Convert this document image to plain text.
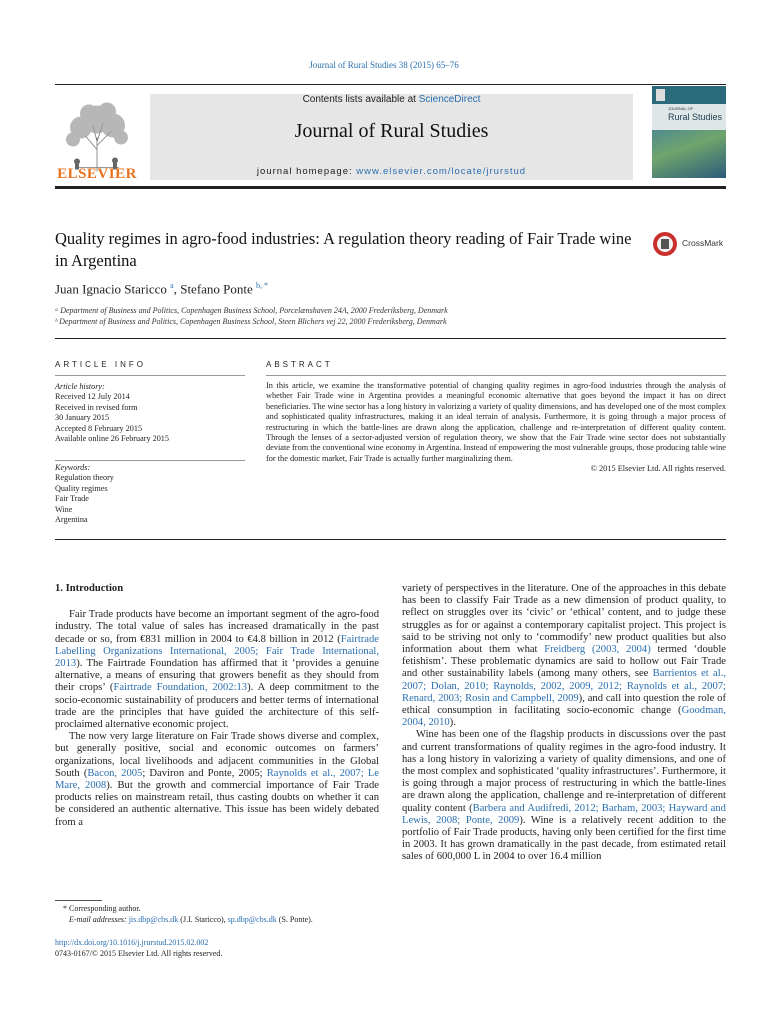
Journal of Rural Studies 38 (2015) 65–76
ELSEVIER
Contents lists available at ScienceDirect
Journal of Rural Studies
journal homepage: www.elsevier.com/locate/jrurstud
JOURNAL OF
Rural Studies
Quality regimes in agro-food industries: A regulation theory reading of Fair Trade wine in Argentina
CrossMark
Juan Ignacio Staricco $^a$, Stefano Ponte $^{b, *}$
ᵃ Department of Business and Politics, Copenhagen Business School, Porcelænshaven 24A, 2000 Frederiksberg, Denmark
ᵇ Department of Business and Politics, Copenhagen Business School, Steen Blichers vej 22, 2000 Frederiksberg, Denmark
ARTICLE INFO	ABSTRACT
Article history:
Received 12 July 2014
Received in revised form
30 January 2015
Accepted 8 February 2015
Available online 26 February 2015
Keywords:
Regulation theory
Quality regimes
Fair Trade
Wine
Argentina
In this article, we examine the transformative potential of changing quality regimes in agro-food industries through the analysis of whether Fair Trade wine in Argentina provides a meaningful economic alternative that goes beyond the impact it has on direct beneficiaries. The wine sector has a long history in valorizing a variety of quality dimensions, and has developed one of the most complex and sophisticated quality infrastructures, making it an ideal terrain of analysis. Furthermore, it is going through a major process of restructuring in which the battle-lines are drawn along the application, challenge and re-interpretation of different quality content. Through the lenses of a sector-adjusted version of regulation theory, we show that the Fair Trade wine sector does not substantially deviate from the conventional wine economy in Argentina. Instead of empowering the most vulnerable groups, those producing table wine for the domestic market, Fair Trade is actually further marginalizing them.
© 2015 Elsevier Ltd. All rights reserved.
1. Introduction

Fair Trade products have become an important segment of the agro-food industry. The total value of sales has increased dramatically in the past decade or so, from €831 million in 2004 to €4.8 billion in 2012 (Fairtrade Labelling Organizations International, 2005; Fair Trade International, 2013). The Fairtrade Foundation has affirmed that it ‘provides a genuine alternative, a means of ensuring that growers benefit as they should from their crops’ (Fairtrade Foundation, 2002:13). A deep commitment to the socio-economic sustainability of producers and better terms of international trade are the principles that have guided the architecture of this self-proclaimed alternative economic project.

The now very large literature on Fair Trade shows diverse and complex, but generally positive, social and economic outcomes on farmers’ organizations, local livelihoods and adjacent communities in the Global South (Bacon, 2005; Daviron and Ponte, 2005; Raynolds et al., 2007; Le Mare, 2008). But the growth and commercial importance of Fair Trade products relies on mainstream retail, thus casting doubts on whether it can be considered an authentic alternative. This issue has been widely debated from a

variety of perspectives in the literature. One of the approaches in this debate has been to classify Fair Trade as a new dimension of product quality, to reflect on struggles over its ‘civic’ or ‘ethical’ content, and to judge these struggles as for or against a contemporary capitalist project. This project is said to be striving not only to ‘commodify’ new product qualities but also information about them what Freidberg (2003, 2004) termed ‘double fetishism’. These problematic dynamics are said to hollow out Fair Trade and other sustainability labels (among many others, see Barrientos et al., 2007; Dolan, 2010; Raynolds, 2002, 2009, 2012; Raynolds et al., 2007; Renard, 2003; Rosin and Campbell, 2009), and call into question the role of ethical consumption in facilitating socio-economic change (Goodman, 2004, 2010).

Wine has been one of the flagship products in discussions over the past and current transformations of quality regimes in the agro-food industry. It has a long history in valorizing a variety of quality dimensions, and one of the most complex and sophisticated ‘quality infrastructures’. Furthermore, it is going through a major process of restructuring in which the battle-lines are drawn along the application, challenge and re-interpretation of different quality content (Barbera and Audifredi, 2012; Barham, 2003; Hayward and Lewis, 2008; Ponte, 2009). Wine is a relatively recent addition to the portfolio of Fair Trade products, having only been certified for the first time in 2003. It has grown dramatically in the past decade, from estimated retail sales of 600,000 L in 2004 to over 16.4 million

* Corresponding author.
E-mail addresses: jis.dbp@cbs.dk (J.I. Staricco), sp.dbp@cbs.dk (S. Ponte).
http://dx.doi.org/10.1016/j.jrurstud.2015.02.002
0743-0167/© 2015 Elsevier Ltd. All rights reserved.
